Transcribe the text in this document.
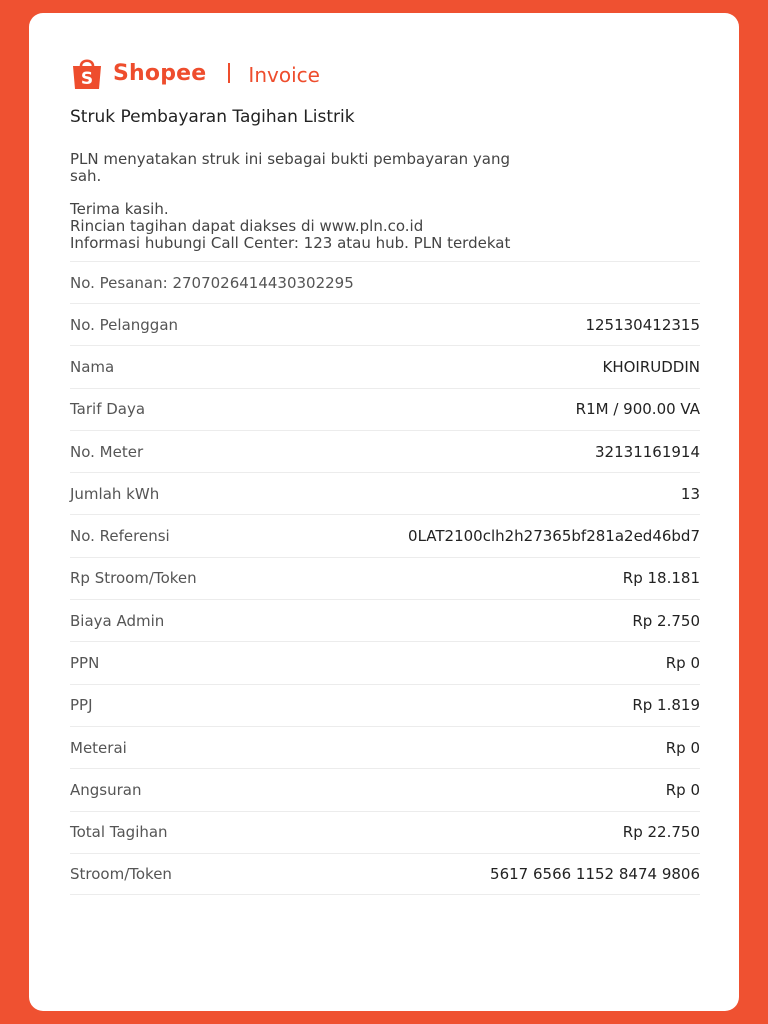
S Shopee Invoice
Struk Pembayaran Tagihan Listrik
PLN menyatakan struk ini sebagai bukti pembayaran yang
sah.
Terima kasih.
Rincian tagihan dapat diakses di www.pln.co.id
Informasi hubungi Call Center: 123 atau hub. PLN terdekat
No. Pesanan: 2707026414430302295
No. Pelanggan	125130412315
Nama	KHOIRUDDIN
Tarif Daya	R1M / 900.00 VA
No. Meter	32131161914
Jumlah kWh	13
No. Referensi	0LAT2100clh2h27365bf281a2ed46bd7
Rp Stroom/Token	Rp 18.181
Biaya Admin	Rp 2.750
PPN	Rp 0
PPJ	Rp 1.819
Meterai	Rp 0
Angsuran	Rp 0
Total Tagihan	Rp 22.750
Stroom/Token	5617 6566 1152 8474 9806
